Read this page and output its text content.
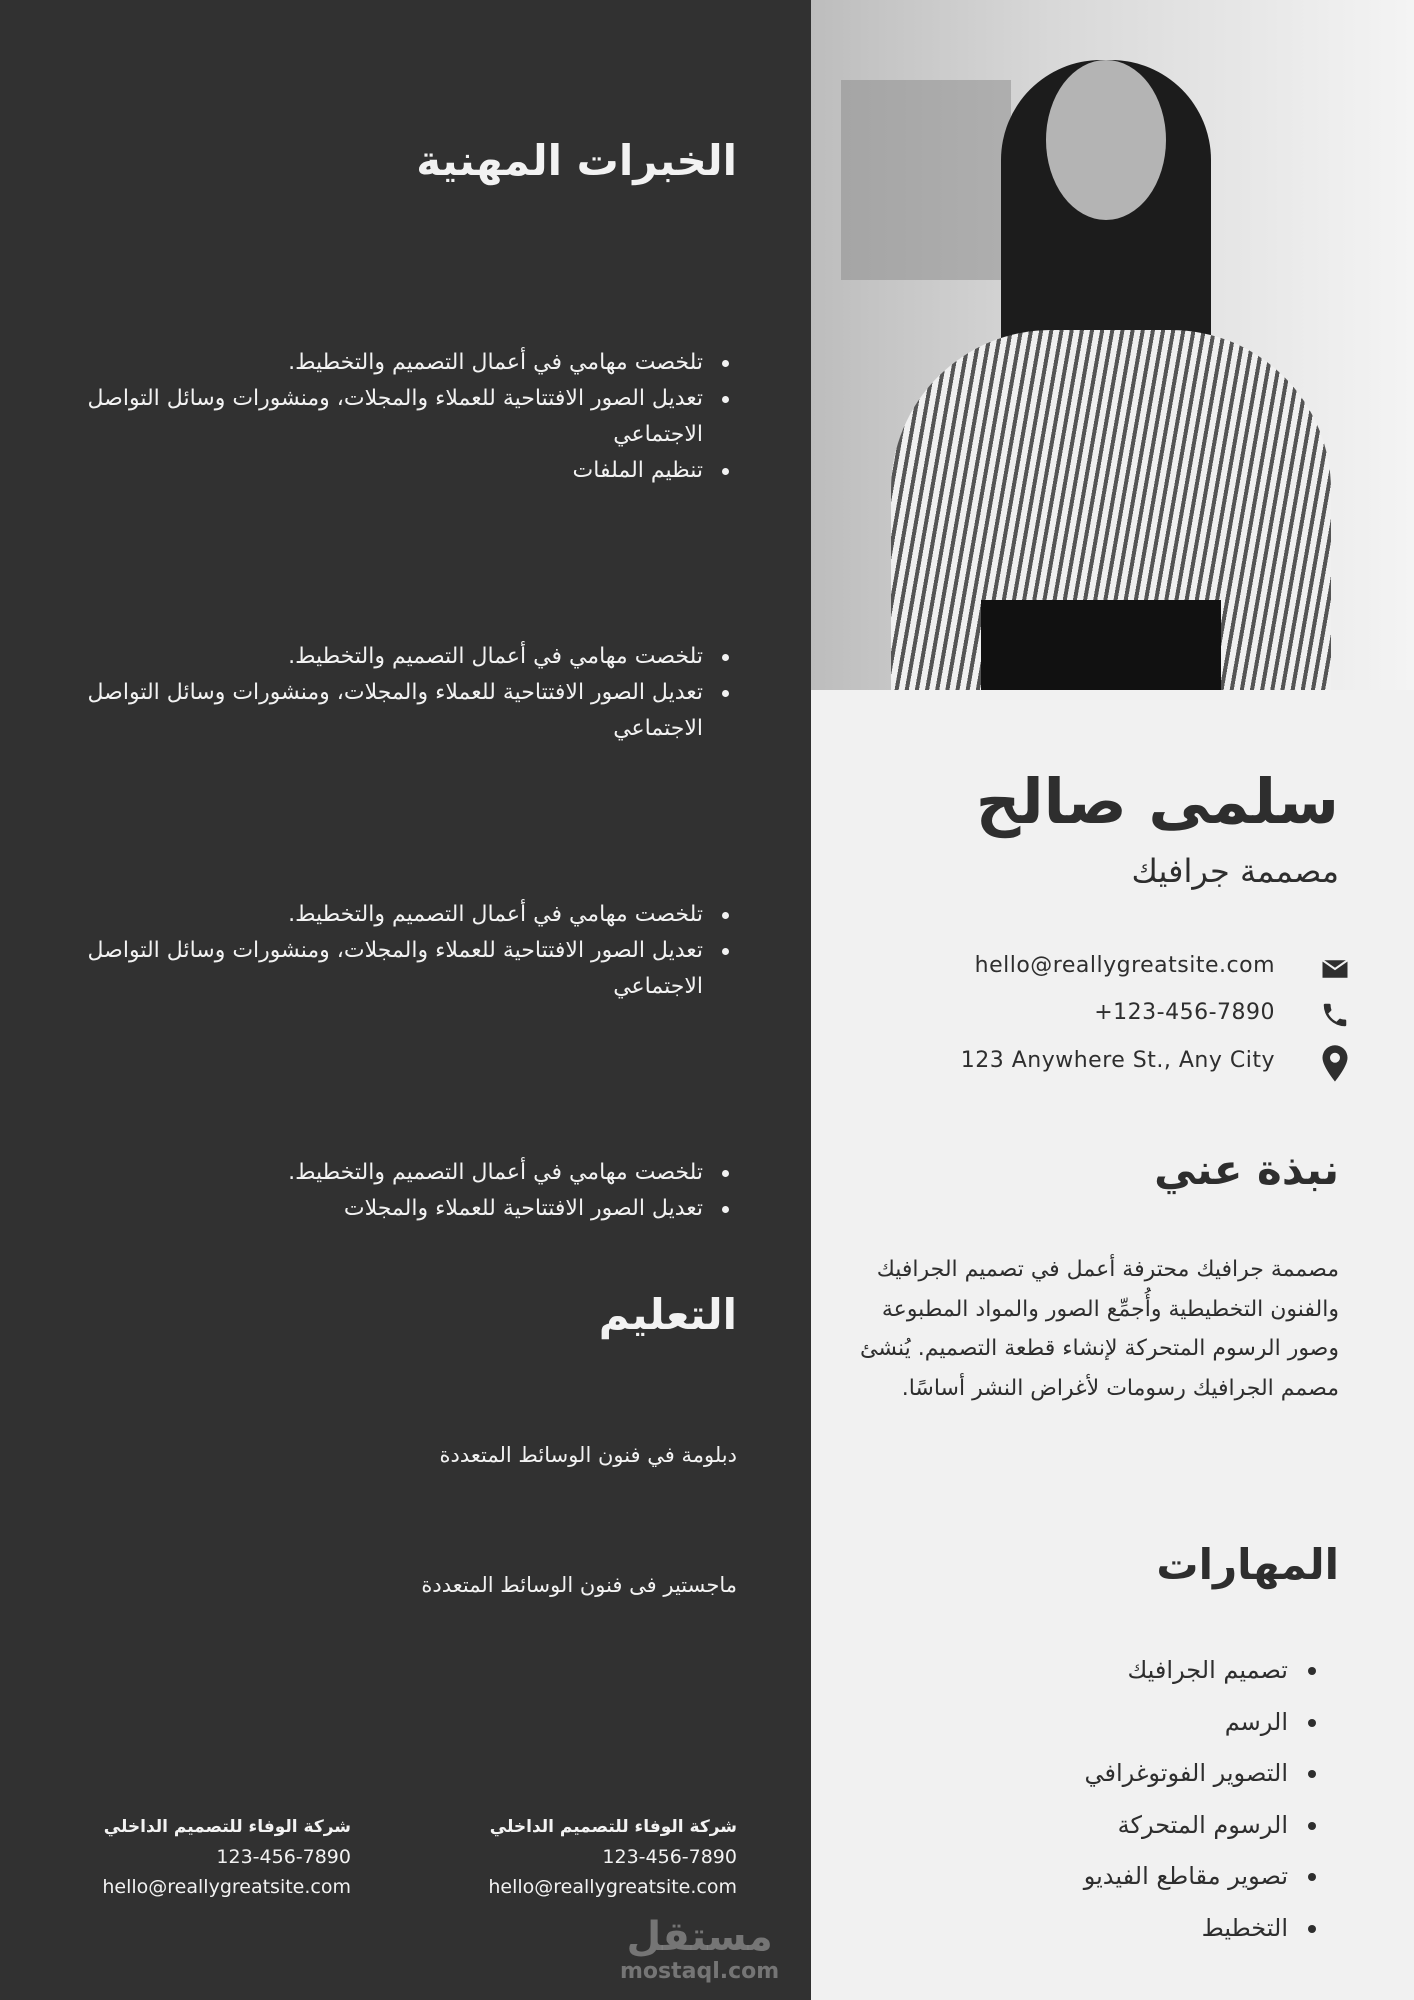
الخبرات المهنية
تلخصت مهامي في أعمال التصميم والتخطيط.
تعديل الصور الافتتاحية للعملاء والمجلات، ومنشورات وسائل التواصل الاجتماعي
تنظيم الملفات
تلخصت مهامي في أعمال التصميم والتخطيط.
تعديل الصور الافتتاحية للعملاء والمجلات، ومنشورات وسائل التواصل الاجتماعي
تلخصت مهامي في أعمال التصميم والتخطيط.
تعديل الصور الافتتاحية للعملاء والمجلات، ومنشورات وسائل التواصل الاجتماعي
تلخصت مهامي في أعمال التصميم والتخطيط.
تعديل الصور الافتتاحية للعملاء والمجلات
التعليم
دبلومة في فنون الوسائط المتعددة
ماجستير فى فنون الوسائط المتعددة
شركة الوفاء للتصميم الداخلي
123-456-7890
hello@reallygreatsite.com
شركة الوفاء للتصميم الداخلي
123-456-7890
hello@reallygreatsite.com
مستقل
mostaql.com
سلمى صالح
مصممة جرافيك
hello@reallygreatsite.com
+123-456-7890
123 Anywhere St., Any City
نبذة عني
مصممة جرافيك محترفة أعمل في تصميم الجرافيك والفنون التخطيطية وأُجمِّع الصور والمواد المطبوعة وصور الرسوم المتحركة لإنشاء قطعة التصميم. يُنشئ مصمم الجرافيك رسومات لأغراض النشر أساسًا.
المهارات
تصميم الجرافيك
الرسم
التصوير الفوتوغرافي
الرسوم المتحركة
تصوير مقاطع الفيديو
التخطيط
